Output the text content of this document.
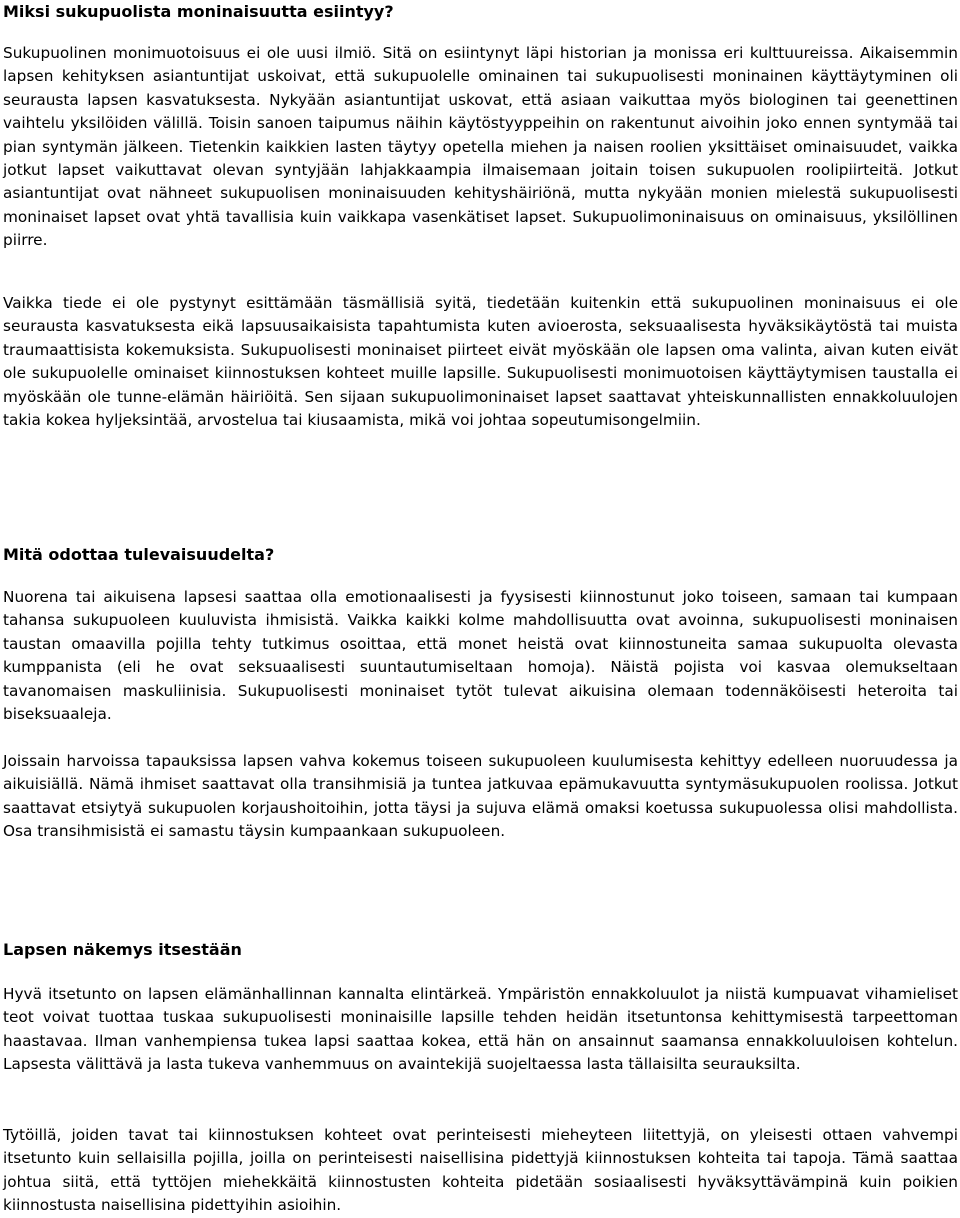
Miksi sukupuolista moninaisuutta esiintyy?

Sukupuolinen monimuotoisuus ei ole uusi ilmiö. Sitä on esiintynyt läpi historian ja monissa eri kulttuureissa. Aikaisemmin lapsen kehityksen asiantuntijat uskoivat, että sukupuolelle ominainen tai sukupuolisesti moninainen käyttäytyminen oli seurausta lapsen kasvatuksesta. Nykyään asiantuntijat uskovat, että asiaan vaikuttaa myös biologinen tai geenettinen vaihtelu yksilöiden välillä. Toisin sanoen taipumus näihin käytöstyyppeihin on rakentunut aivoihin joko ennen syntymää tai pian syntymän jälkeen. Tietenkin kaikkien lasten täytyy opetella miehen ja naisen roolien yksittäiset ominaisuudet, vaikka jotkut lapset vaikuttavat olevan syntyjään lahjakkaampia ilmaisemaan joitain toisen sukupuolen roolipiirteitä. Jotkut asiantuntijat ovat nähneet sukupuolisen moninaisuuden kehityshäiriönä, mutta nykyään monien mielestä sukupuolisesti moninaiset lapset ovat yhtä tavallisia kuin vaikkapa vasenkätiset lapset. Sukupuolimoninaisuus on ominaisuus, yksilöllinen piirre.

Vaikka tiede ei ole pystynyt esittämään täsmällisiä syitä, tiedetään kuitenkin että sukupuolinen moninaisuus ei ole seurausta kasvatuksesta eikä lapsuusaikaisista tapahtumista kuten avioerosta, seksuaalisesta hyväksikäytöstä tai muista traumaattisista kokemuksista. Sukupuolisesti moninaiset piirteet eivät myöskään ole lapsen oma valinta, aivan kuten eivät ole sukupuolelle ominaiset kiinnostuksen kohteet muille lapsille. Sukupuolisesti monimuotoisen käyttäytymisen taustalla ei myöskään ole tunne-elämän häiriöitä. Sen sijaan sukupuolimoninaiset lapset saattavat yhteiskunnallisten ennakkoluulojen takia kokea hyljeksintää, arvostelua tai kiusaamista, mikä voi johtaa sopeutumisongelmiin.

Mitä odottaa tulevaisuudelta?

Nuorena tai aikuisena lapsesi saattaa olla emotionaalisesti ja fyysisesti kiinnostunut joko toiseen, samaan tai kumpaan tahansa sukupuoleen kuuluvista ihmisistä. Vaikka kaikki kolme mahdollisuutta ovat avoinna, sukupuolisesti moninaisen taustan omaavilla pojilla tehty tutkimus osoittaa, että monet heistä ovat kiinnostuneita samaa sukupuolta olevasta kumppanista (eli he ovat seksuaalisesti suuntautumiseltaan homoja). Näistä pojista voi kasvaa olemukseltaan tavanomaisen maskuliinisia. Sukupuolisesti moninaiset tytöt tulevat aikuisina olemaan todennäköisesti heteroita tai biseksuaaleja.

Joissain harvoissa tapauksissa lapsen vahva kokemus toiseen sukupuoleen kuulumisesta kehittyy edelleen nuoruudessa ja aikuisiällä. Nämä ihmiset saattavat olla transihmisiä ja tuntea jatkuvaa epämukavuutta syntymäsukupuolen roolissa. Jotkut saattavat etsiytyä sukupuolen korjaushoitoihin, jotta täysi ja sujuva elämä omaksi koetussa sukupuolessa olisi mahdollista. Osa transihmisistä ei samastu täysin kumpaankaan sukupuoleen.

Lapsen näkemys itsestään

Hyvä itsetunto on lapsen elämänhallinnan kannalta elintärkeä. Ympäristön ennakkoluulot ja niistä kumpuavat vihamieliset teot voivat tuottaa tuskaa sukupuolisesti moninaisille lapsille tehden heidän itsetuntonsa kehittymisestä tarpeettoman haastavaa. Ilman vanhempiensa tukea lapsi saattaa kokea, että hän on ansainnut saamansa ennakkoluuloisen kohtelun. Lapsesta välittävä ja lasta tukeva vanhemmuus on avaintekijä suojeltaessa lasta tällaisilta seurauksilta.

Tytöillä, joiden tavat tai kiinnostuksen kohteet ovat perinteisesti mieheyteen liitettyjä, on yleisesti ottaen vahvempi itsetunto kuin sellaisilla pojilla, joilla on perinteisesti naisellisina pidettyjä kiinnostuksen kohteita tai tapoja. Tämä saattaa johtua siitä, että tyttöjen miehekkäitä kiinnostusten kohteita pidetään sosiaalisesti hyväksyttävämpinä kuin poikien kiinnostusta naisellisina pidettyihin asioihin.
